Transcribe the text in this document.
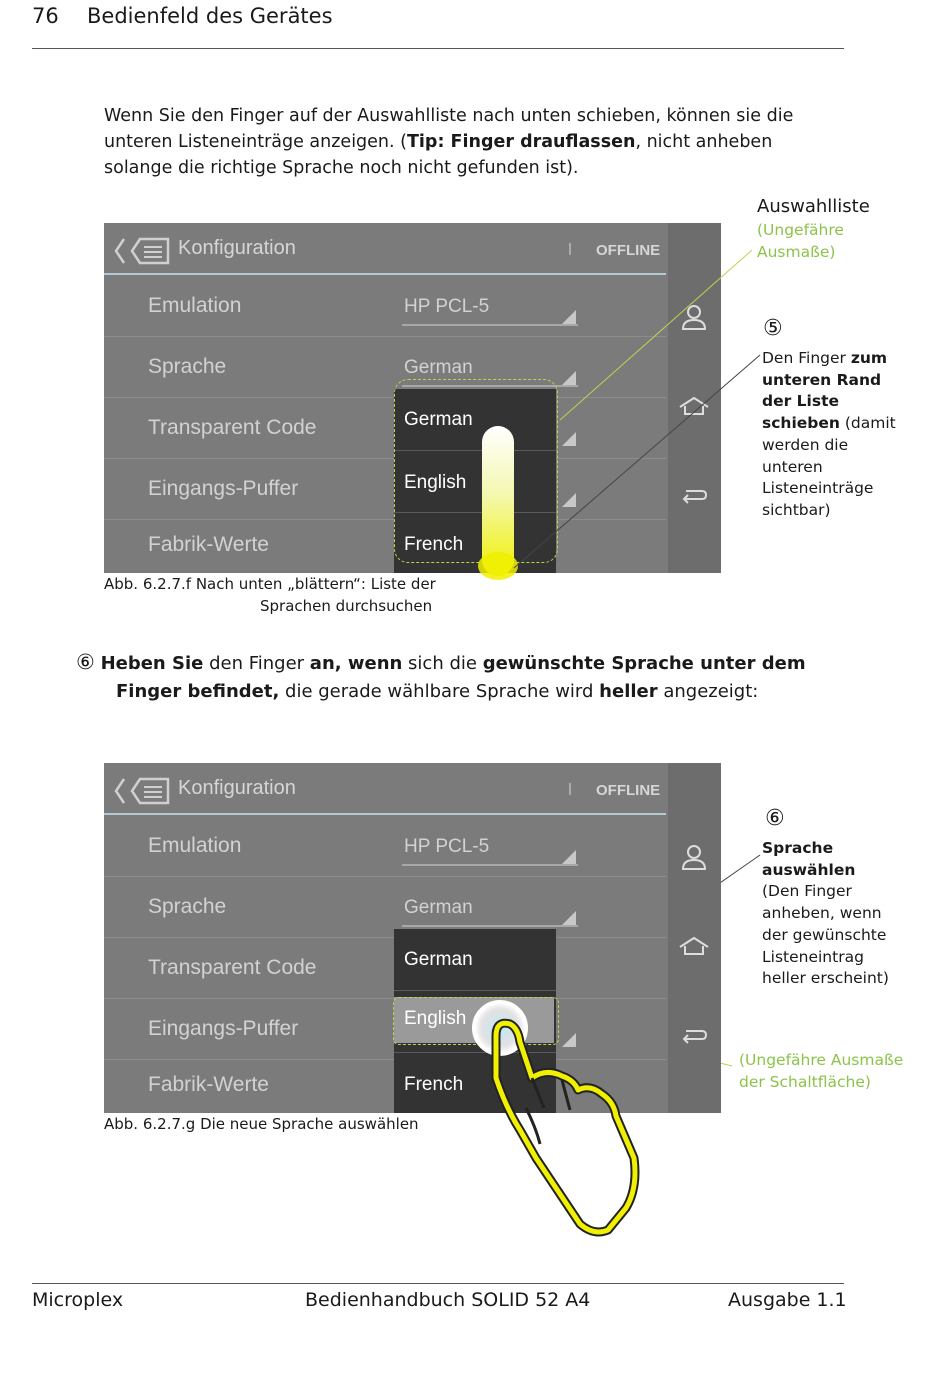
76 Bedienfeld des Gerätes
Wenn Sie den Finger auf der Auswahlliste nach unten schieben, können sie die unteren Listeneinträge anzeigen. (Tip: Finger drauflassen, nicht anheben solange die richtige Sprache noch nicht gefunden ist).
Konfiguration	OFFLINE
Emulation	HP PCL-5
Sprache	German
Transparent Code
Eingangs-Puffer
Fabrik-Werte
German
English
French
Abb. 6.2.7.f Nach unten „blättern“: Liste der
Sprachen durchsuchen
Auswahlliste
(Ungefähre Ausmaße)
⑤
Den Finger zum unteren Rand der Liste schieben (damit werden die unteren Listeneinträge sichtbar)
⑥ Heben Sie den Finger an, wenn sich die gewünschte Sprache unter dem
Finger befindet, die gerade wählbare Sprache wird heller angezeigt:
Konfiguration	OFFLINE
Emulation	HP PCL-5
Sprache	German
Transparent Code
Eingangs-Puffer
Fabrik-Werte
German
English
French
Abb. 6.2.7.g Die neue Sprache auswählen
⑥
Sprache auswählen
(Den Finger anheben, wenn der gewünschte Listeneintrag heller erscheint)
(Ungefähre Ausmaße der Schaltfläche)
Microplex	Bedienhandbuch SOLID 52 A4	Ausgabe 1.1
